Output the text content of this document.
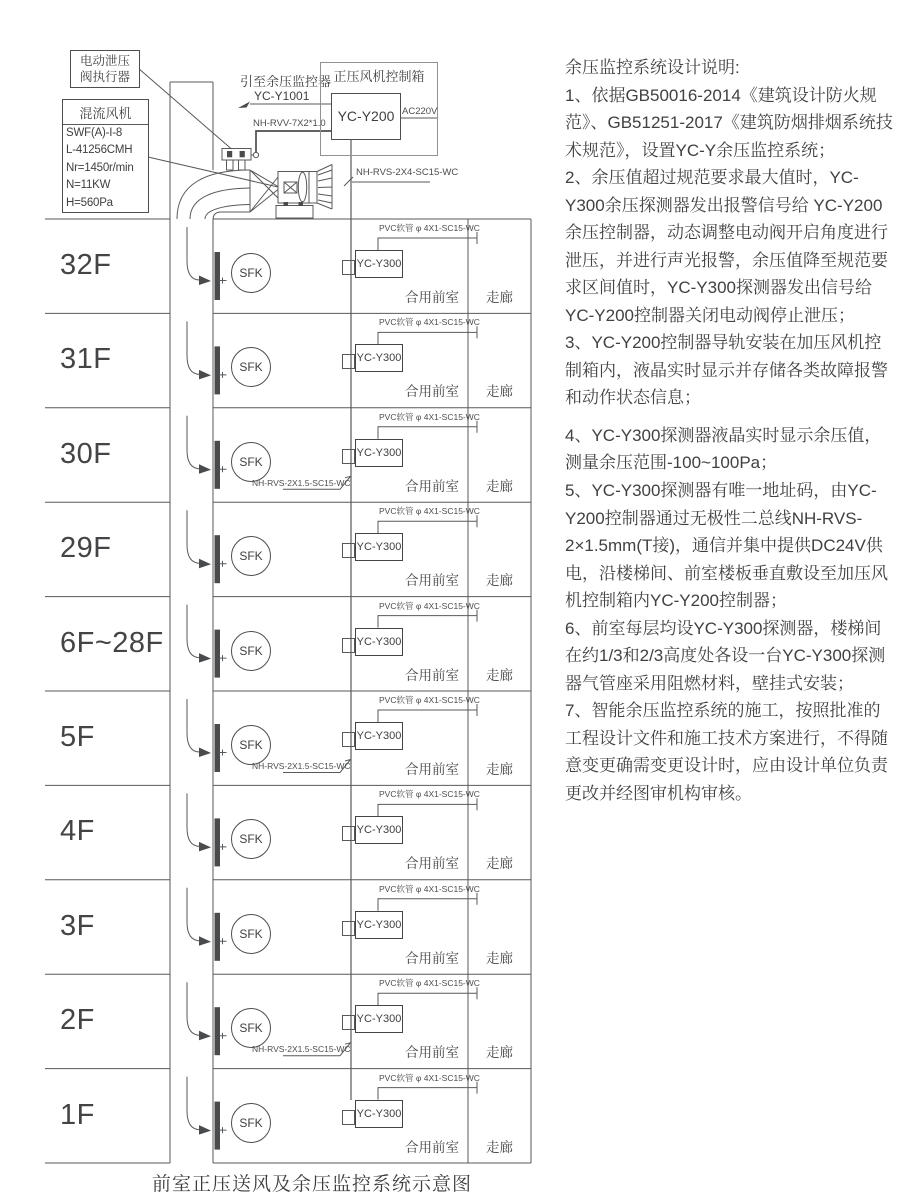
电动泄压
阀执行器
混流风机
SWF(A)-I-8
L-41256CMH
Nr=1450r/min
N=11KW
H=560Pa
引至余压监控器
YC-Y1001
NH-RVV-7X2*1.0
正压风机控制箱
YC-Y200 AC220V
NH-RVS-2X4-SC15-WC
32F	SFK
YC-Y300
PVC软管 φ 4X1-SC15-WC
合用前室 走廊
31F	SFK
YC-Y300
PVC软管 φ 4X1-SC15-WC
合用前室 走廊
30F	SFK
YC-Y300
PVC软管 φ 4X1-SC15-WC
NH-RVS-2X1.5-SC15-WC	合用前室 走廊
29F	SFK
YC-Y300
PVC软管 φ 4X1-SC15-WC
合用前室 走廊
6F~28F	SFK
YC-Y300
PVC软管 φ 4X1-SC15-WC
合用前室 走廊
5F	SFK
YC-Y300
PVC软管 φ 4X1-SC15-WC
NH-RVS-2X1.5-SC15-WC	合用前室 走廊
4F	SFK
YC-Y300
PVC软管 φ 4X1-SC15-WC
合用前室 走廊
3F	SFK
YC-Y300
PVC软管 φ 4X1-SC15-WC
合用前室 走廊
2F	SFK
YC-Y300
PVC软管 φ 4X1-SC15-WC
NH-RVS-2X1.5-SC15-WC	合用前室 走廊
1F	SFK
YC-Y300
PVC软管 φ 4X1-SC15-WC
合用前室 走廊
前室正压送风及余压监控系统示意图

余压监控系统设计说明:

1、依据GB50016-2014《建筑设计防火规范》、GB51251-2017《建筑防烟排烟系统技术规范》，设置YC-Y余压监控系统；

2、余压值超过规范要求最大值时，YC-Y300余压探测器发出报警信号给 YC-Y200余压控制器，动态调整电动阀开启角度进行泄压，并进行声光报警，余压值降至规范要求区间值时，YC-Y300探测器发出信号给YC-Y200控制器关闭电动阀停止泄压；

3、YC-Y200控制器导轨安装在加压风机控制箱内，液晶实时显示并存储各类故障报警和动作状态信息；

4、YC-Y300探测器液晶实时显示余压值，测量余压范围-100~100Pa；

5、YC-Y300探测器有唯一地址码，由YC-Y200控制器通过无极性二总线NH-RVS-2×1.5mm(T接)，通信并集中提供DC24V供电，沿楼梯间、前室楼板垂直敷设至加压风机控制箱内YC-Y200控制器；

6、前室每层均设YC-Y300探测器，楼梯间在约1/3和2/3高度处各设一台YC-Y300探测器气管座采用阻燃材料，壁挂式安装；

7、智能余压监控系统的施工，按照批准的工程设计文件和施工技术方案进行，不得随意变更确需变更设计时，应由设计单位负责更改并经图审机构审核。
